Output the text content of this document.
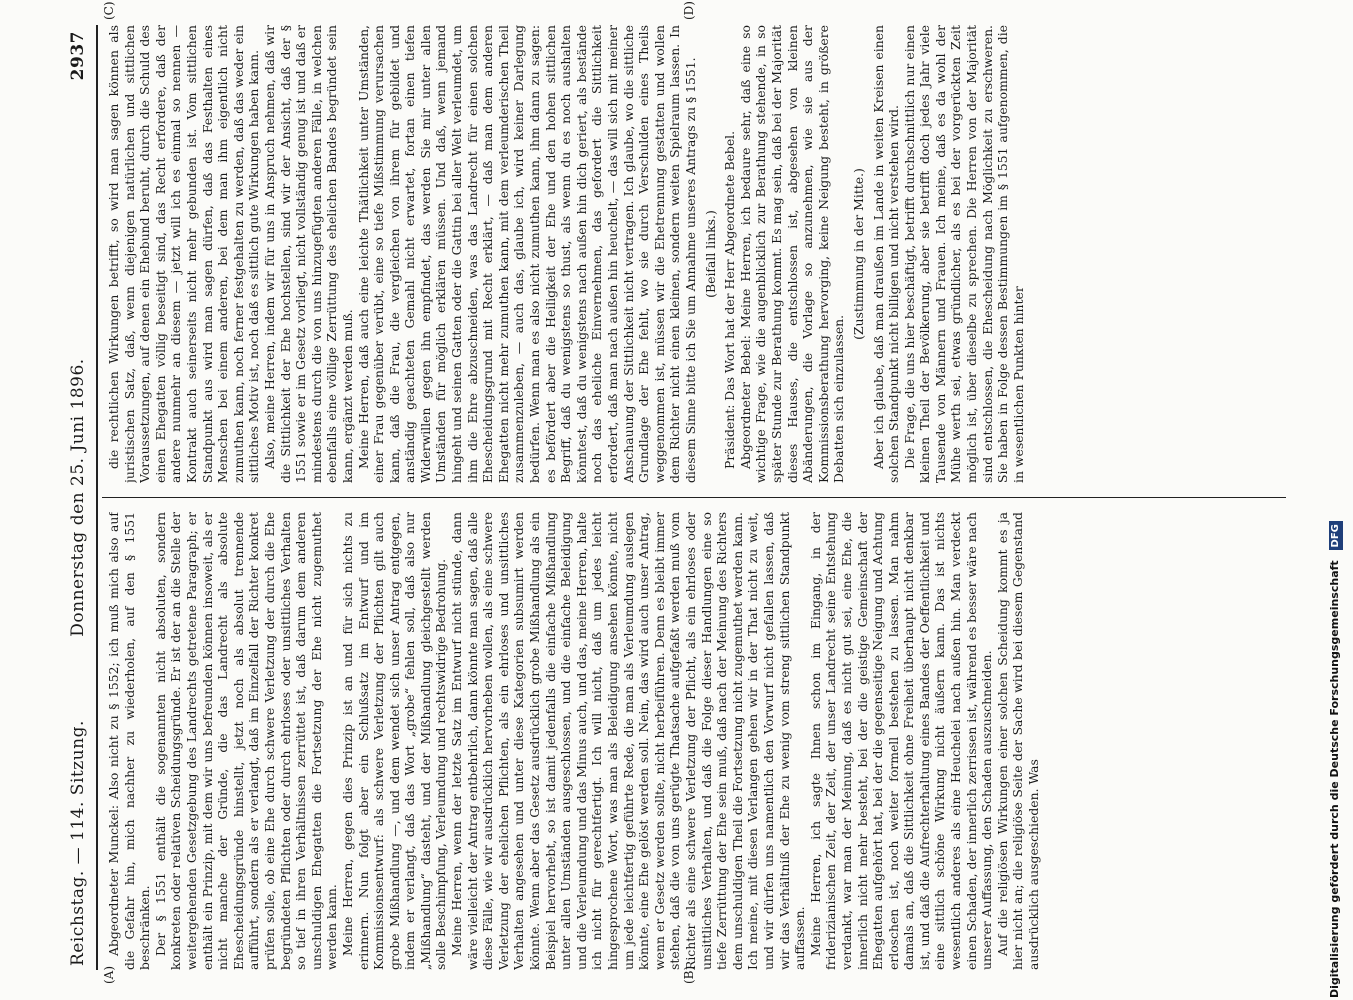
Reichstag. — 114. Sitzung.
Donnerstag den 25. Juni 1896.
2937
(A)	(B)
(C)	(D)

Abgeordneter Munckel: Also nicht zu § 1552; ich muß mich also auf die Gefahr hin, mich nachher zu wiederholen, auf den § 1551 beschränken. Der § 1551 enthält die sogenannten nicht absoluten, sondern konkreten oder relativen Scheidungsgründe. Er ist der an die Stelle der weitergehenden Gesetzgebung des Landrechts getretene Paragraph; er enthält ein Prinzip, mit dem wir uns befreunden können insoweit, als er nicht manche der Gründe, die das Landrecht als absolute Ehescheidungsgründe hinstellt, jetzt noch als absolut trennende aufführt, sondern als er verlangt, daß im Einzelfall der Richter konkret prüfen solle, ob eine Ehe durch schwere Verletzung der durch die Ehe begründeten Pflichten oder durch ehrloses oder unsittliches Verhalten so tief in ihren Verhältnissen zerrüttet ist, daß darum dem anderen unschuldigen Ehegatten die Fortsetzung der Ehe nicht zugemuthet werden kann. Meine Herren, gegen dies Prinzip ist an und für sich nichts zu erinnern. Nun folgt aber ein Schlußsatz im Entwurf und im Kommissionsentwurf: als schwere Verletzung der Pflichten gilt auch grobe Mißhandlung —, und dem wendet sich unser Antrag entgegen, indem er verlangt, daß das Wort „grobe“ fehlen soll, daß also nur „Mißhandlung“ dasteht, und der Mißhandlung gleichgestellt werden solle Beschimpfung, Verleumdung und rechtswidrige Bedrohung. Meine Herren, wenn der letzte Satz im Entwurf nicht stünde, dann wäre vielleicht der Antrag entbehrlich, dann könnte man sagen, daß alle diese Fälle, wie wir ausdrücklich hervorheben wollen, als eine schwere Verletzung der ehelichen Pflichten, als ein ehrloses und unsittliches Verhalten angesehen und unter diese Kategorien subsumirt werden könnte. Wenn aber das Gesetz ausdrücklich grobe Mißhandlung als ein Beispiel hervorhebt, so ist damit jedenfalls die einfache Mißhandlung unter allen Umständen ausgeschlossen, und die einfache Beleidigung und die Verleumdung und das Minus auch, und das, meine Herren, halte ich nicht für gerechtfertigt. Ich will nicht, daß um jedes leicht hingesprochene Wort, was man als Beleidigung ansehen könnte, nicht um jede leichtfertig geführte Rede, die man als Verleumdung auslegen könnte, eine Ehe gelöst werden soll. Nein, das wird auch unser Antrag, wenn er Gesetz werden sollte, nicht herbeiführen. Denn es bleibt immer stehen, daß die von uns gerügte Thatsache aufgefaßt werden muß vom Richter als eine schwere Verletzung der Pflicht, als ein ehrloses oder unsittliches Verhalten, und daß die Folge dieser Handlungen eine so tiefe Zerrüttung der Ehe sein muß, daß nach der Meinung des Richters dem unschuldigen Theil die Fortsetzung nicht zugemuthet werden kann. Ich meine, mit diesen Verlangen gehen wir in der That nicht zu weit, und wir dürfen uns namentlich den Vorwurf nicht gefallen lassen, daß wir das Verhältniß der Ehe zu wenig vom streng sittlichen Standpunkt auffassen. Meine Herren, ich sagte Ihnen schon im Eingang, in der friderizianischen Zeit, der Zeit, der unser Landrecht seine Entstehung verdankt, war man der Meinung, daß es nicht gut sei, eine Ehe, die innerlich nicht mehr besteht, bei der die geistige Gemeinschaft der Ehegatten aufgehört hat, bei der die gegenseitige Neigung und Achtung erloschen ist, noch weiter formell bestehen zu lassen. Man nahm damals an, daß die Sittlichkeit ohne Freiheit überhaupt nicht denkbar ist, und daß die Aufrechterhaltung eines Bandes der Oeffentlichkeit und eine sittlich schöne Wirkung nicht äußern kann. Das ist nichts wesentlich anderes als eine Heuchelei nach außen hin. Man verdeckt einen Schaden, der innerlich zerrissen ist, während es besser wäre nach unserer Auffassung, den Schaden auszuschneiden. Auf die religiösen Wirkungen einer solchen Scheidung kommt es ja hier nicht an; die religiöse Seite der Sache wird bei diesem Gegenstand ausdrücklich ausgeschieden. Was

die rechtlichen Wirkungen betrifft, so wird man sagen können als juristischen Satz, daß, wenn diejenigen natürlichen und sittlichen Voraussetzungen, auf denen ein Ehebund beruht, durch die Schuld des einen Ehegatten völlig beseitigt sind, das Recht erfordere, daß der andere nunmehr an diesem — jetzt will ich es einmal so nennen — Kontrakt auch seinerseits nicht mehr gebunden ist. Vom sittlichen Standpunkt aus wird man sagen dürfen, daß das Festhalten eines Menschen bei einem anderen, bei dem man ihm eigentlich nicht zumuthen kann, noch ferner festgehalten zu werden, daß das weder ein sittliches Motiv ist, noch daß es sittlich gute Wirkungen haben kann. Also, meine Herren, indem wir für uns in Anspruch nehmen, daß wir die Sittlichkeit der Ehe hochstellen, sind wir der Ansicht, daß der § 1551 sowie er im Gesetz vorliegt, nicht vollständig genug ist und daß er mindestens durch die von uns hinzugefügten anderen Fälle, in welchen ebenfalls eine völlige Zerrüttung des ehelichen Bandes begründet sein kann, ergänzt werden muß. Meine Herren, daß auch eine leichte Thätlichkeit unter Umständen, einer Frau gegenüber verübt, eine so tiefe Mißstimmung verursachen kann, daß die Frau, die vergleichen von ihrem für gebildet und anständig geachteten Gemahl nicht erwartet, fortan einen tiefen Widerwillen gegen ihn empfindet, das werden Sie mir unter allen Umständen für möglich erklären müssen. Und daß, wenn jemand hingeht und seinen Gatten oder die Gattin bei aller Welt verleumdet, um ihm die Ehre abzuschneiden, was das Landrecht für einen solchen Ehescheidungsgrund mit Recht erklärt, — daß man dem anderen Ehegatten nicht mehr zumuthen kann, mit dem verleumderischen Theil zusammenzuleben, — auch das, glaube ich, wird keiner Darlegung bedürfen. Wenn man es also nicht zumuthen kann, ihm dann zu sagen: es befördert aber die Heiligkeit der Ehe und den hohen sittlichen Begriff, daß du wenigstens so thust, als wenn du es noch aushalten könntest, daß du wenigstens nach außen hin dich geriert, als bestände noch das eheliche Einvernehmen, das gefordert die Sittlichkeit erfordert, daß man nach außen hin heuchelt, — das will sich mit meiner Anschauung der Sittlichkeit nicht vertragen. Ich glaube, wo die sittliche Grundlage der Ehe fehlt, wo sie durch Verschulden eines Theils weggenommen ist, müssen wir die Ehetrennung gestatten und wollen dem Richter nicht einen kleinen, sondern weiten Spielraum lassen. In diesem Sinne bitte ich Sie um Annahme unseres Antrags zu § 1551. (Beifall links.) Präsident: Das Wort hat der Herr Abgeordnete Bebel. Abgeordneter Bebel: Meine Herren, ich bedaure sehr, daß eine so wichtige Frage, wie die augenblicklich zur Berathung stehende, in so später Stunde zur Berathung kommt. Es mag sein, daß bei der Majorität dieses Hauses, die entschlossen ist, abgesehen von kleinen Abänderungen, die Vorlage so anzunehmen, wie sie aus der Kommissionsberathung hervorging, keine Neigung besteht, in größere Debatten sich einzulassen.

(Zustimmung in der Mitte.) Aber ich glaube, daß man draußen im Lande in weiten Kreisen einen solchen Standpunkt nicht billigen und nicht verstehen wird. Die Frage, die uns hier beschäftigt, betrifft durchschnittlich nur einen kleinen Theil der Bevölkerung, aber sie betrifft doch jedes Jahr viele Tausende von Männern und Frauen. Ich meine, daß es da wohl der Mühe werth sei, etwas gründlicher, als es bei der vorgerückten Zeit möglich ist, über dieselbe zu sprechen. Die Herren von der Majorität sind entschlossen, die Ehescheidung nach Möglichkeit zu erschweren. Sie haben in Folge dessen Bestimmungen im § 1551 aufgenommen, die in wesentlichen Punkten hinter

Digitalisierung gefördert durch die Deutsche Forschungsgemeinschaft DFG
